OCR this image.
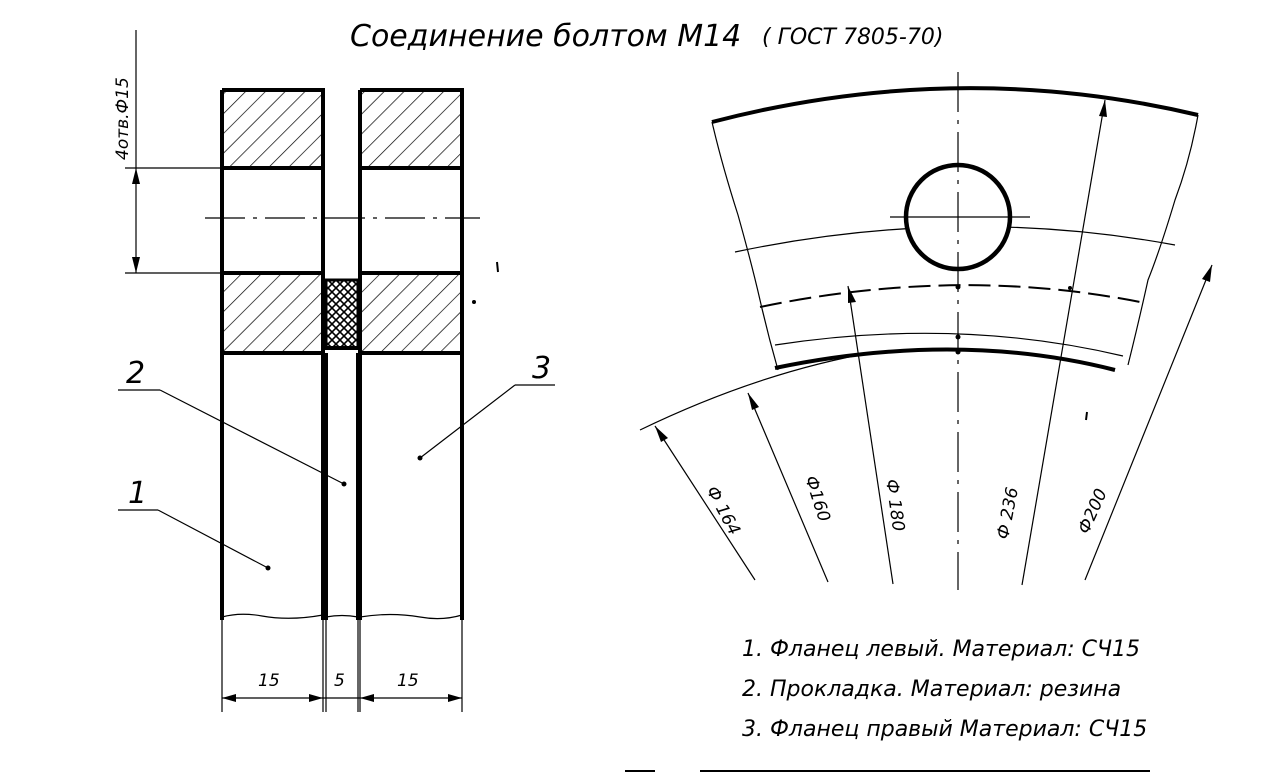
Соединение болтом М14 ( ГОСТ 7805-70)
4отв.Ф15
15	5	15
2	3
1	Ф 164	Ф160	Ф 180	Ф 236	Ф200
1. Фланец левый. Материал: СЧ15
2. Прокладка. Материал: резина
3. Фланец правый Материал: СЧ15
